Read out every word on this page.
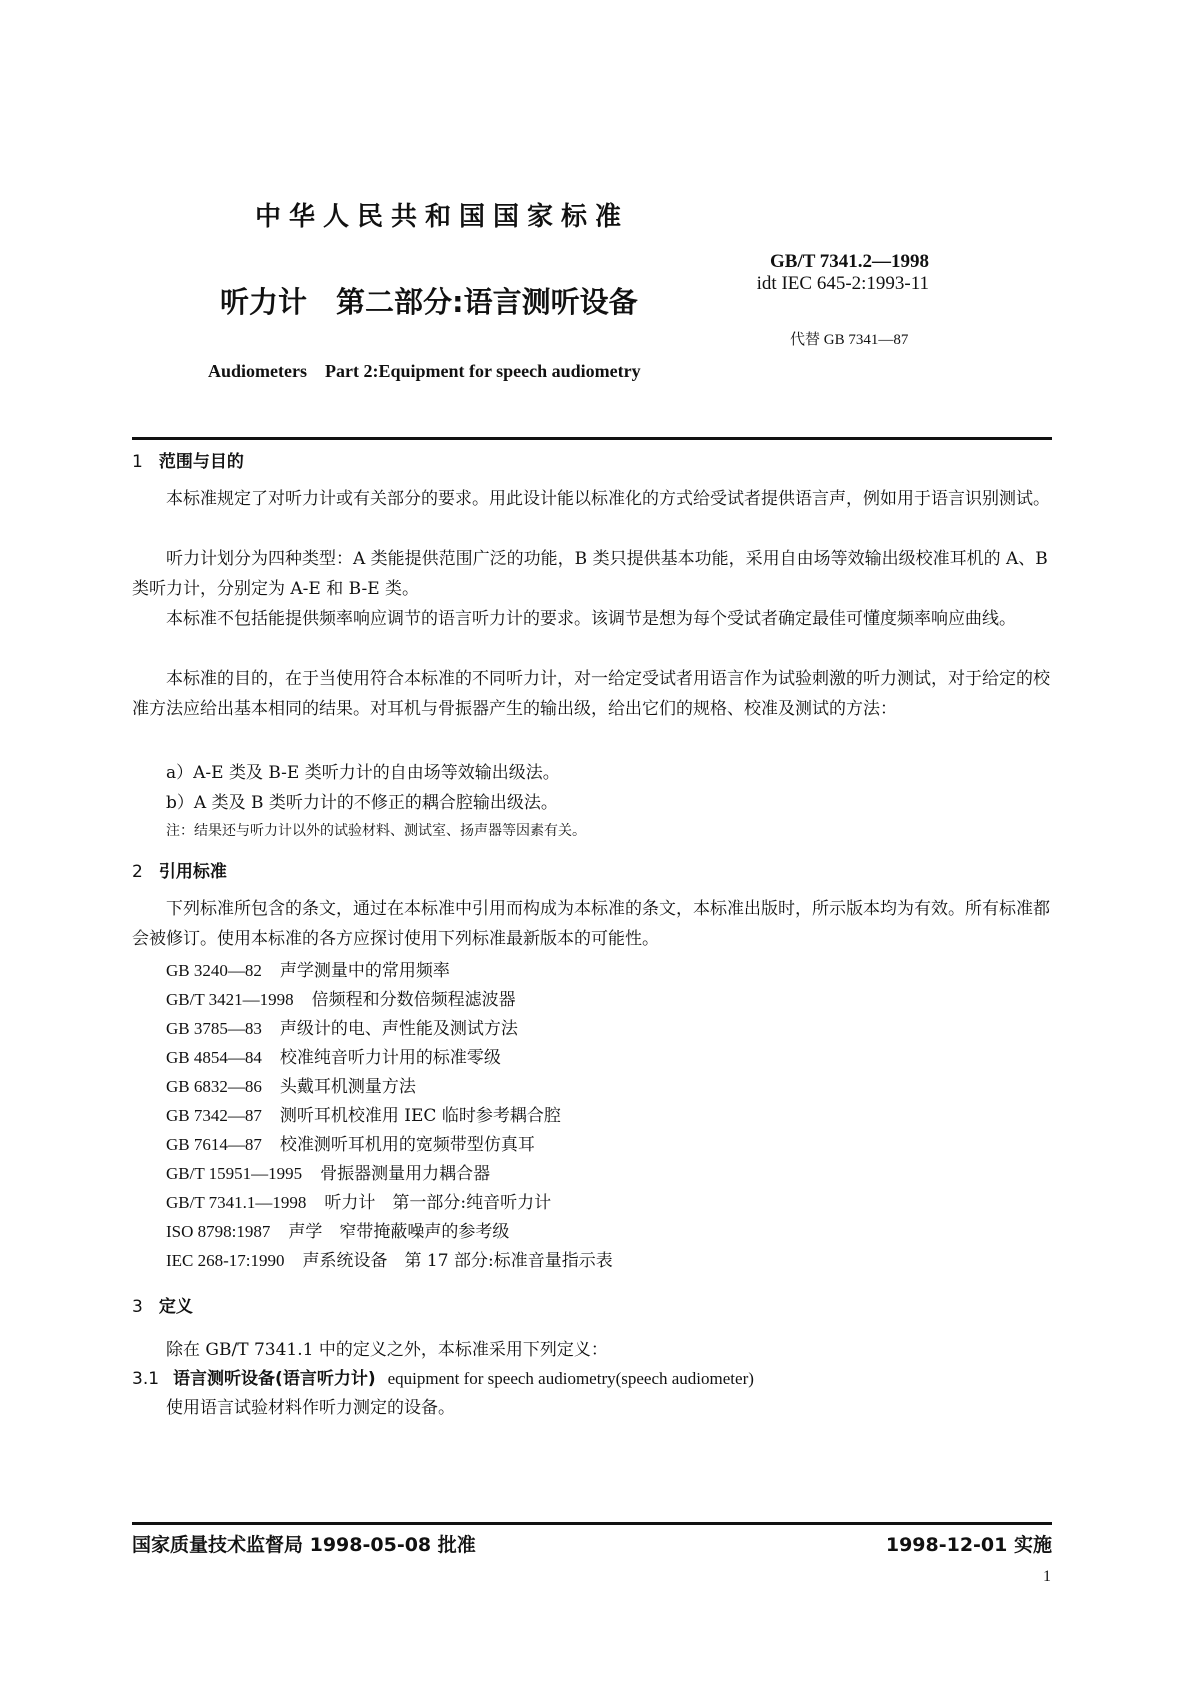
中华人民共和国国家标准
GB/T 7341.2—1998
idt IEC 645-2:1993-11
代替 GB 7341—87
听力计　第二部分:语言测听设备
Audiometers　Part 2:Equipment for speech audiometry
1 范围与目的
本标准规定了对听力计或有关部分的要求。用此设计能以标准化的方式给受试者提供语言声，例如用于语言识别测试。
听力计划分为四种类型：A 类能提供范围广泛的功能，B 类只提供基本功能，采用自由场等效输出级校准耳机的 A、B 类听力计，分别定为 A-E 和 B-E 类。
本标准不包括能提供频率响应调节的语言听力计的要求。该调节是想为每个受试者确定最佳可懂度频率响应曲线。
本标准的目的，在于当使用符合本标准的不同听力计，对一给定受试者用语言作为试验刺激的听力测试，对于给定的校准方法应给出基本相同的结果。对耳机与骨振器产生的输出级，给出它们的规格、校准及测试的方法：
a）A-E 类及 B-E 类听力计的自由场等效输出级法。
b）A 类及 B 类听力计的不修正的耦合腔输出级法。
注：结果还与听力计以外的试验材料、测试室、扬声器等因素有关。
2 引用标准
下列标准所包含的条文，通过在本标准中引用而构成为本标准的条文，本标准出版时，所示版本均为有效。所有标准都会被修订。使用本标准的各方应探讨使用下列标准最新版本的可能性。
GB 3240—82 声学测量中的常用频率
GB/T 3421—1998 倍频程和分数倍频程滤波器
GB 3785—83 声级计的电、声性能及测试方法
GB 4854—84 校准纯音听力计用的标准零级
GB 6832—86 头戴耳机测量方法
GB 7342—87 测听耳机校准用 IEC 临时参考耦合腔
GB 7614—87 校准测听耳机用的宽频带型仿真耳
GB/T 15951—1995 骨振器测量用力耦合器
GB/T 7341.1—1998 听力计　第一部分:纯音听力计
ISO 8798:1987 声学　窄带掩蔽噪声的参考级
IEC 268-17:1990 声系统设备　第 17 部分:标准音量指示表
3 定义
除在 GB/T 7341.1 中的定义之外，本标准采用下列定义：
3.1 语言测听设备(语言听力计) equipment for speech audiometry(speech audiometer)
使用语言试验材料作听力测定的设备。
国家质量技术监督局 1998-05-08 批准	1998-12-01 实施
1
